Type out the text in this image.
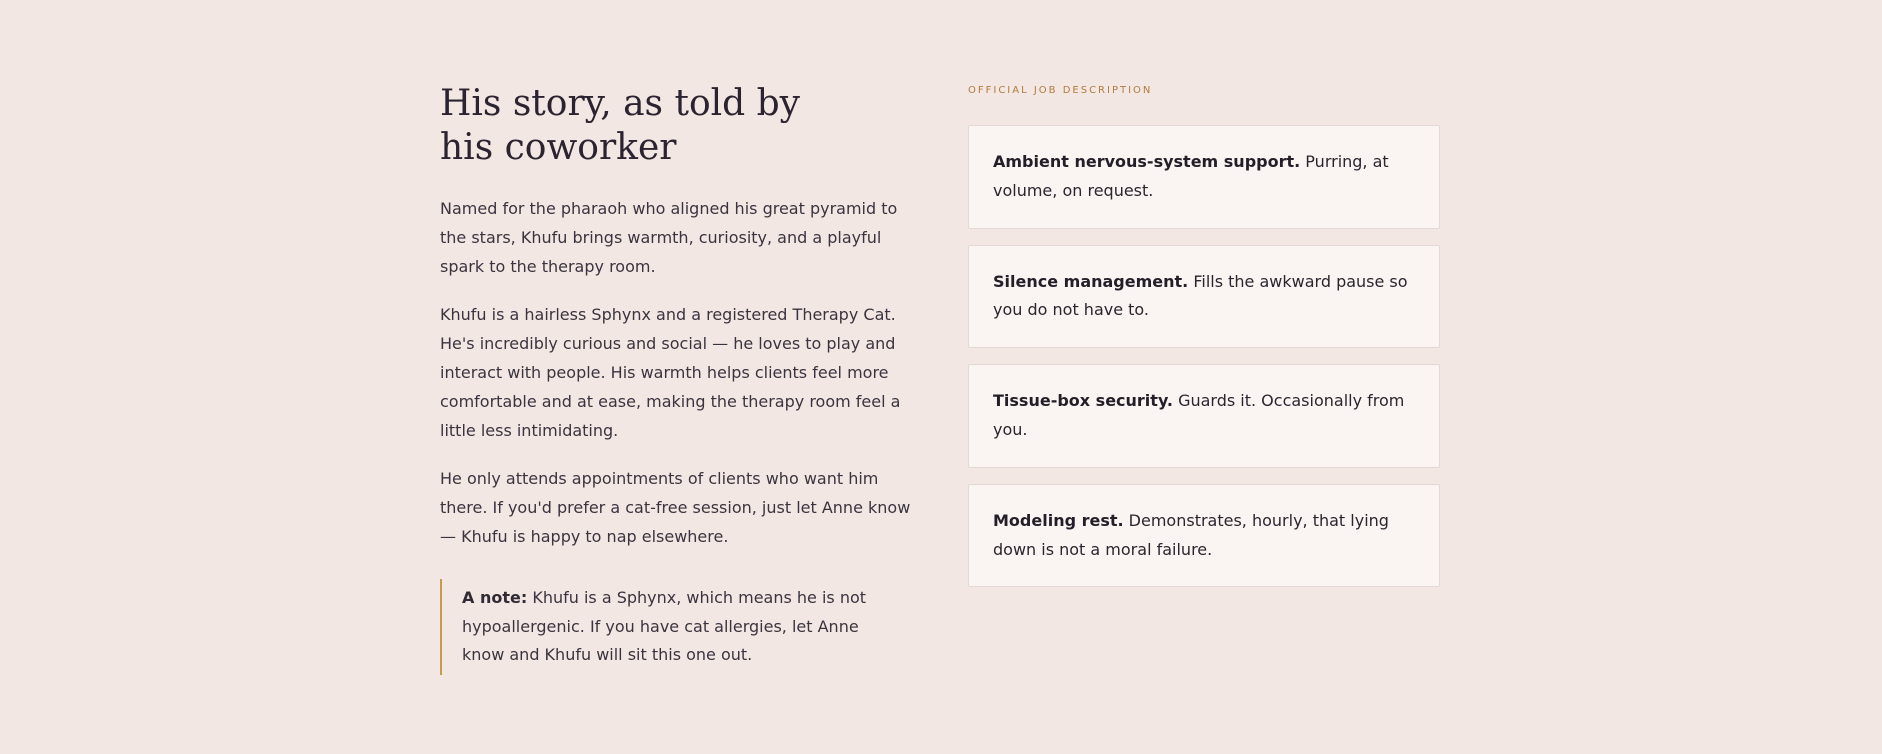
His story, as told by his coworker

Named for the pharaoh who aligned his great pyramid to the stars, Khufu brings warmth, curiosity, and a playful spark to the therapy room.

Khufu is a hairless Sphynx and a registered Therapy Cat. He's incredibly curious and social — he loves to play and interact with people. His warmth helps clients feel more comfortable and at ease, making the therapy room feel a little less intimidating.

He only attends appointments of clients who want him there. If you'd prefer a cat-free session, just let Anne know — Khufu is happy to nap elsewhere.

A note: Khufu is a Sphynx, which means he is not hypoallergenic. If you have cat allergies, let Anne know and Khufu will sit this one out.

OFFICIAL JOB DESCRIPTION

Ambient nervous-system support. Purring, at volume, on request.
Silence management. Fills the awkward pause so you do not have to.
Tissue-box security. Guards it. Occasionally from you.
Modeling rest. Demonstrates, hourly, that lying down is not a moral failure.
